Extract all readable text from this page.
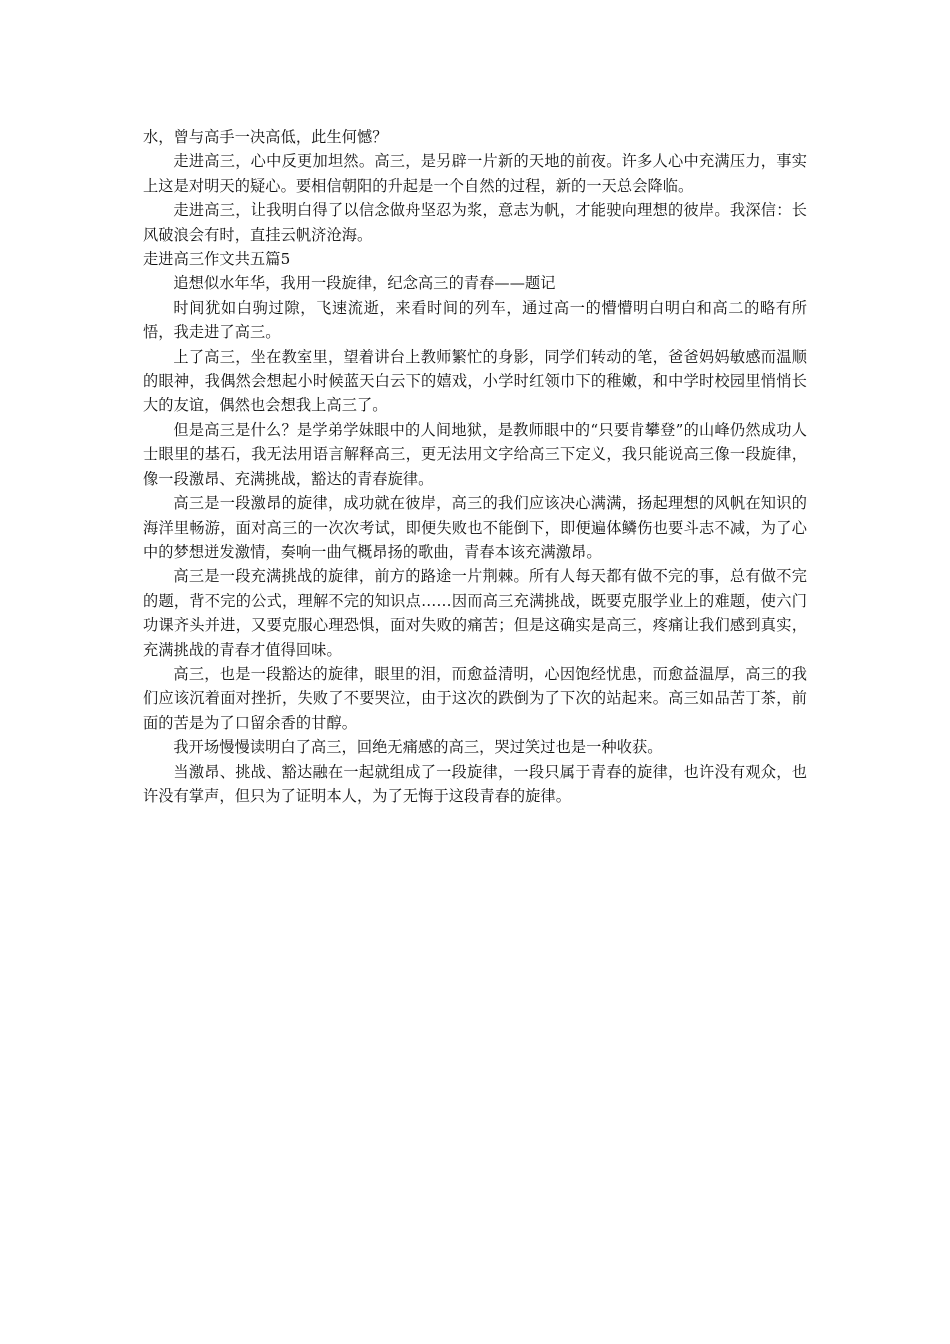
水，曾与高手一决高低，此生何憾？

走进高三，心中反更加坦然。高三，是另辟一片新的天地的前夜。许多人心中充满压力，事实上这是对明天的疑心。要相信朝阳的升起是一个自然的过程，新的一天总会降临。

走进高三，让我明白得了以信念做舟坚忍为浆，意志为帆，才能驶向理想的彼岸。我深信：长风破浪会有时，直挂云帆济沧海。

走进高三作文共五篇5

追想似水年华，我用一段旋律，纪念高三的青春——题记

时间犹如白驹过隙，飞速流逝，来看时间的列车，通过高一的懵懵明白明白和高二的略有所悟，我走进了高三。

上了高三，坐在教室里，望着讲台上教师繁忙的身影，同学们转动的笔，爸爸妈妈敏感而温顺的眼神，我偶然会想起小时候蓝天白云下的嬉戏，小学时红领巾下的稚嫩，和中学时校园里悄悄长大的友谊，偶然也会想我上高三了。

但是高三是什么？是学弟学妹眼中的人间地狱，是教师眼中的“只要肯攀登”的山峰仍然成功人士眼里的基石，我无法用语言解释高三，更无法用文字给高三下定义，我只能说高三像一段旋律，像一段激昂、充满挑战，豁达的青春旋律。

高三是一段激昂的旋律，成功就在彼岸，高三的我们应该决心满满，扬起理想的风帆在知识的海洋里畅游，面对高三的一次次考试，即便失败也不能倒下，即便遍体鳞伤也要斗志不减，为了心中的梦想迸发激情，奏响一曲气概昂扬的歌曲，青春本该充满激昂。

高三是一段充满挑战的旋律，前方的路途一片荆棘。所有人每天都有做不完的事，总有做不完的题，背不完的公式，理解不完的知识点……因而高三充满挑战，既要克服学业上的难题，使六门功课齐头并进，又要克服心理恐惧，面对失败的痛苦；但是这确实是高三，疼痛让我们感到真实，充满挑战的青春才值得回味。

高三，也是一段豁达的旋律，眼里的泪，而愈益清明，心因饱经忧患，而愈益温厚，高三的我们应该沉着面对挫折，失败了不要哭泣，由于这次的跌倒为了下次的站起来。高三如品苦丁茶，前面的苦是为了口留余香的甘醇。

我开场慢慢读明白了高三，回绝无痛感的高三，哭过笑过也是一种收获。

当激昂、挑战、豁达融在一起就组成了一段旋律，一段只属于青春的旋律，也许没有观众，也许没有掌声，但只为了证明本人，为了无悔于这段青春的旋律。
